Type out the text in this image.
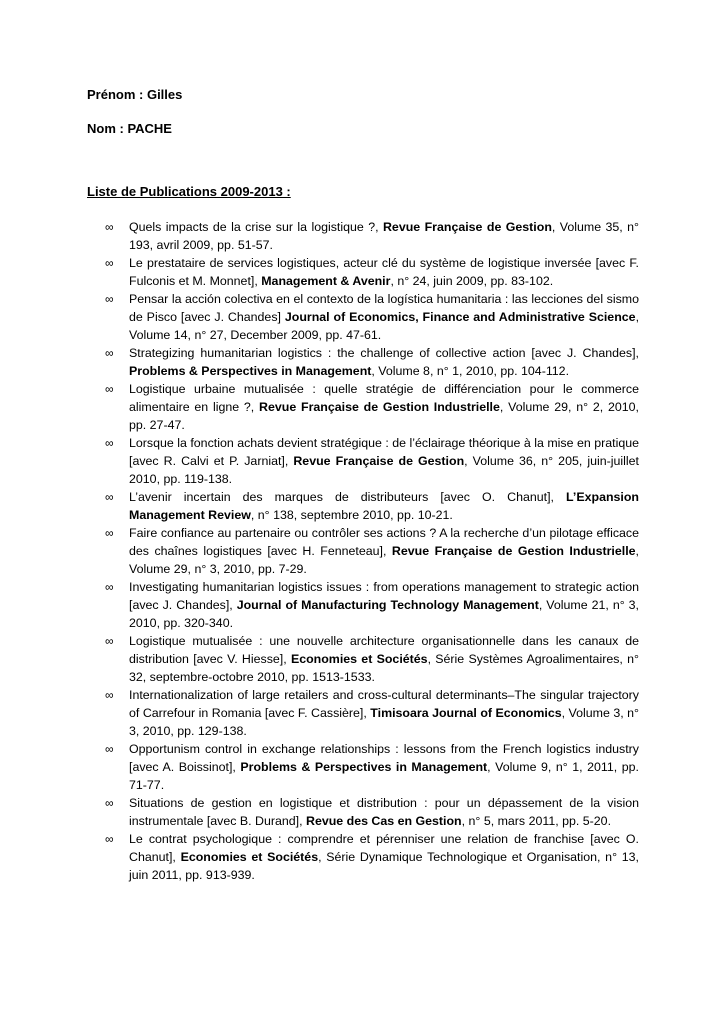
Prénom : Gilles

Nom : PACHE

Liste de Publications 2009-2013 :

∞ Quels impacts de la crise sur la logistique ?, Revue Française de Gestion, Volume 35, n° 193, avril 2009, pp. 51-57.
∞ Le prestataire de services logistiques, acteur clé du système de logistique inversée [avec F. Fulconis et M. Monnet], Management & Avenir, n° 24, juin 2009, pp. 83-102.
∞ Pensar la acción colectiva en el contexto de la logística humanitaria : las lecciones del sismo de Pisco [avec J. Chandes] Journal of Economics, Finance and Administrative Science, Volume 14, n° 27, December 2009, pp. 47-61.
∞ Strategizing humanitarian logistics : the challenge of collective action [avec J. Chandes], Problems & Perspectives in Management, Volume 8, n° 1, 2010, pp. 104-112.
∞ Logistique urbaine mutualisée : quelle stratégie de différenciation pour le commerce alimentaire en ligne ?, Revue Française de Gestion Industrielle, Volume 29, n° 2, 2010, pp. 27-47.
∞ Lorsque la fonction achats devient stratégique : de l’éclairage théorique à la mise en pratique [avec R. Calvi et P. Jarniat], Revue Française de Gestion, Volume 36, n° 205, juin-juillet 2010, pp. 119-138.
∞ L’avenir incertain des marques de distributeurs [avec O. Chanut], L’Expansion Management Review, n° 138, septembre 2010, pp. 10-21.
∞ Faire confiance au partenaire ou contrôler ses actions ? A la recherche d’un pilotage efficace des chaînes logistiques [avec H. Fenneteau], Revue Française de Gestion Industrielle, Volume 29, n° 3, 2010, pp. 7-29.
∞ Investigating humanitarian logistics issues : from operations management to strategic action [avec J. Chandes], Journal of Manufacturing Technology Management, Volume 21, n° 3, 2010, pp. 320-340.
∞ Logistique mutualisée : une nouvelle architecture organisationnelle dans les canaux de distribution [avec V. Hiesse], Economies et Sociétés, Série Systèmes Agroalimentaires, n° 32, septembre-octobre 2010, pp. 1513-1533.
∞ Internationalization of large retailers and cross-cultural determinants–The singular trajectory of Carrefour in Romania [avec F. Cassière], Timisoara Journal of Economics, Volume 3, n° 3, 2010, pp. 129-138.
∞ Opportunism control in exchange relationships : lessons from the French logistics industry [avec A. Boissinot], Problems & Perspectives in Management, Volume 9, n° 1, 2011, pp. 71-77.
∞ Situations de gestion en logistique et distribution : pour un dépassement de la vision instrumentale [avec B. Durand], Revue des Cas en Gestion, n° 5, mars 2011, pp. 5-20.
∞ Le contrat psychologique : comprendre et pérenniser une relation de franchise [avec O. Chanut], Economies et Sociétés, Série Dynamique Technologique et Organisation, n° 13, juin 2011, pp. 913-939.
